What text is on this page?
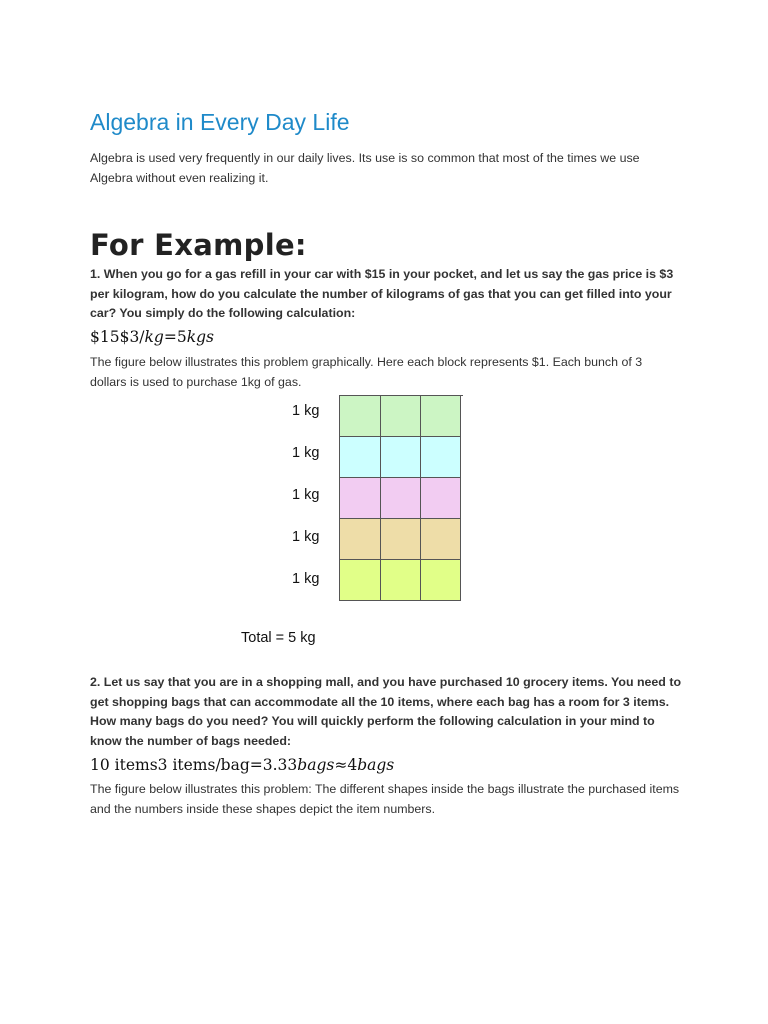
Algebra in Every Day Life

Algebra is used very frequently in our daily lives. Its use is so common that most of the times we use Algebra without even realizing it.

For Example:

1. When you go for a gas refill in your car with $15 in your pocket, and let us say the gas price is $3 per kilogram, how do you calculate the number of kilograms of gas that you can get filled into your car? You simply do the following calculation:

$15$3/kg=5kgs

The figure below illustrates this problem graphically. Here each block represents $1. Each bunch of 3 dollars is used to purchase 1kg of gas.

1 kg
1 kg
1 kg
1 kg
1 kg
Total = 5 kg

2. Let us say that you are in a shopping mall, and you have purchased 10 grocery items. You need to get shopping bags that can accommodate all the 10 items, where each bag has a room for 3 items. How many bags do you need? You will quickly perform the following calculation in your mind to know the number of bags needed:

10 items3 items/bag=3.33bags≈4bags

The figure below illustrates this problem: The different shapes inside the bags illustrate the purchased items and the numbers inside these shapes depict the item numbers.
